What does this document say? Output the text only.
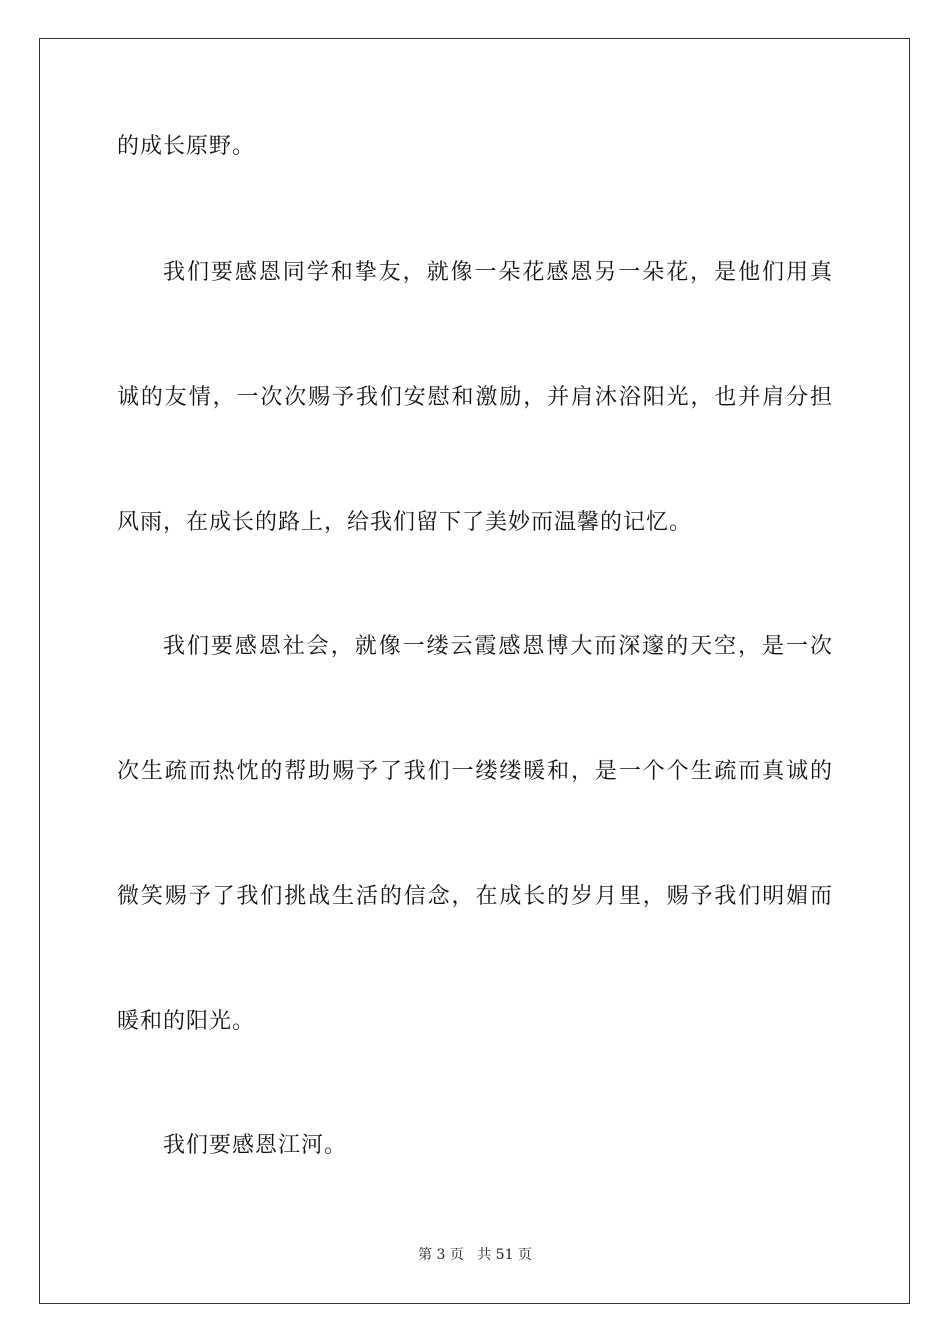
的成长原野。
我们要感恩同学和挚友，就像一朵花感恩另一朵花，是他们用真
诚的友情，一次次赐予我们安慰和激励，并肩沐浴阳光，也并肩分担
风雨，在成长的路上，给我们留下了美妙而温馨的记忆。
我们要感恩社会，就像一缕云霞感恩博大而深邃的天空，是一次
次生疏而热忱的帮助赐予了我们一缕缕暖和，是一个个生疏而真诚的
微笑赐予了我们挑战生活的信念，在成长的岁月里，赐予我们明媚而
暖和的阳光。
我们要感恩江河。
第 3 页 共 51 页
